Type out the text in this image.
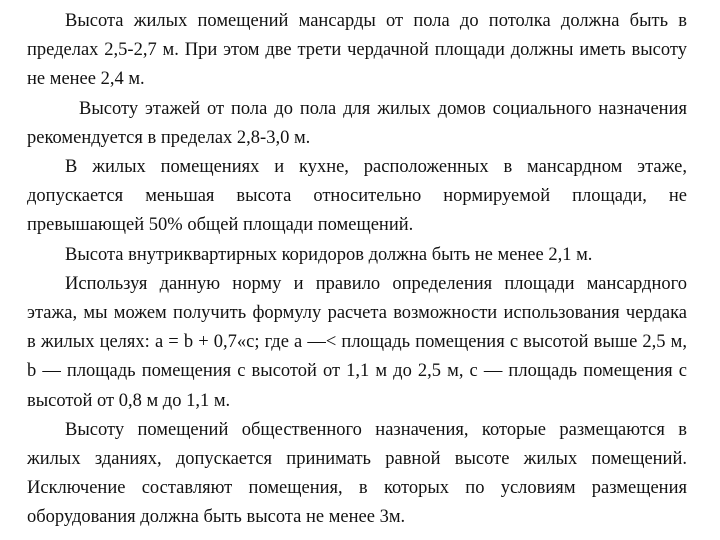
Высота жилых помещений мансарды от пола до потолка должна быть в пределах 2,5-2,7 м. При этом две трети чердачной площади должны иметь высоту не менее 2,4 м.

Высоту этажей от пола до пола для жилых домов социального назначения рекомендуется в пределах 2,8-3,0 м.

В жилых помещениях и кухне, расположенных в мансардном этаже, допускается меньшая высота относительно нормируемой площади, не превышающей 50% общей площади помещений.

Высота внутриквартирных коридоров должна быть не менее 2,1 м.

Используя данную норму и правило определения площади мансардного этажа, мы можем получить формулу расчета возможности использования чердака в жилых целях: а = b + 0,7«с; где а —< площадь помещения с высотой выше 2,5 м, b — площадь помещения с высотой от 1,1 м до 2,5 м, с — площадь помещения с высотой от 0,8 м до 1,1 м.

Высоту помещений общественного назначения, которые размещаются в жилых зданиях, допускается принимать равной высоте жилых помещений. Исключение составляют помещения, в которых по условиям размещения оборудования должна быть высота не менее 3м.
